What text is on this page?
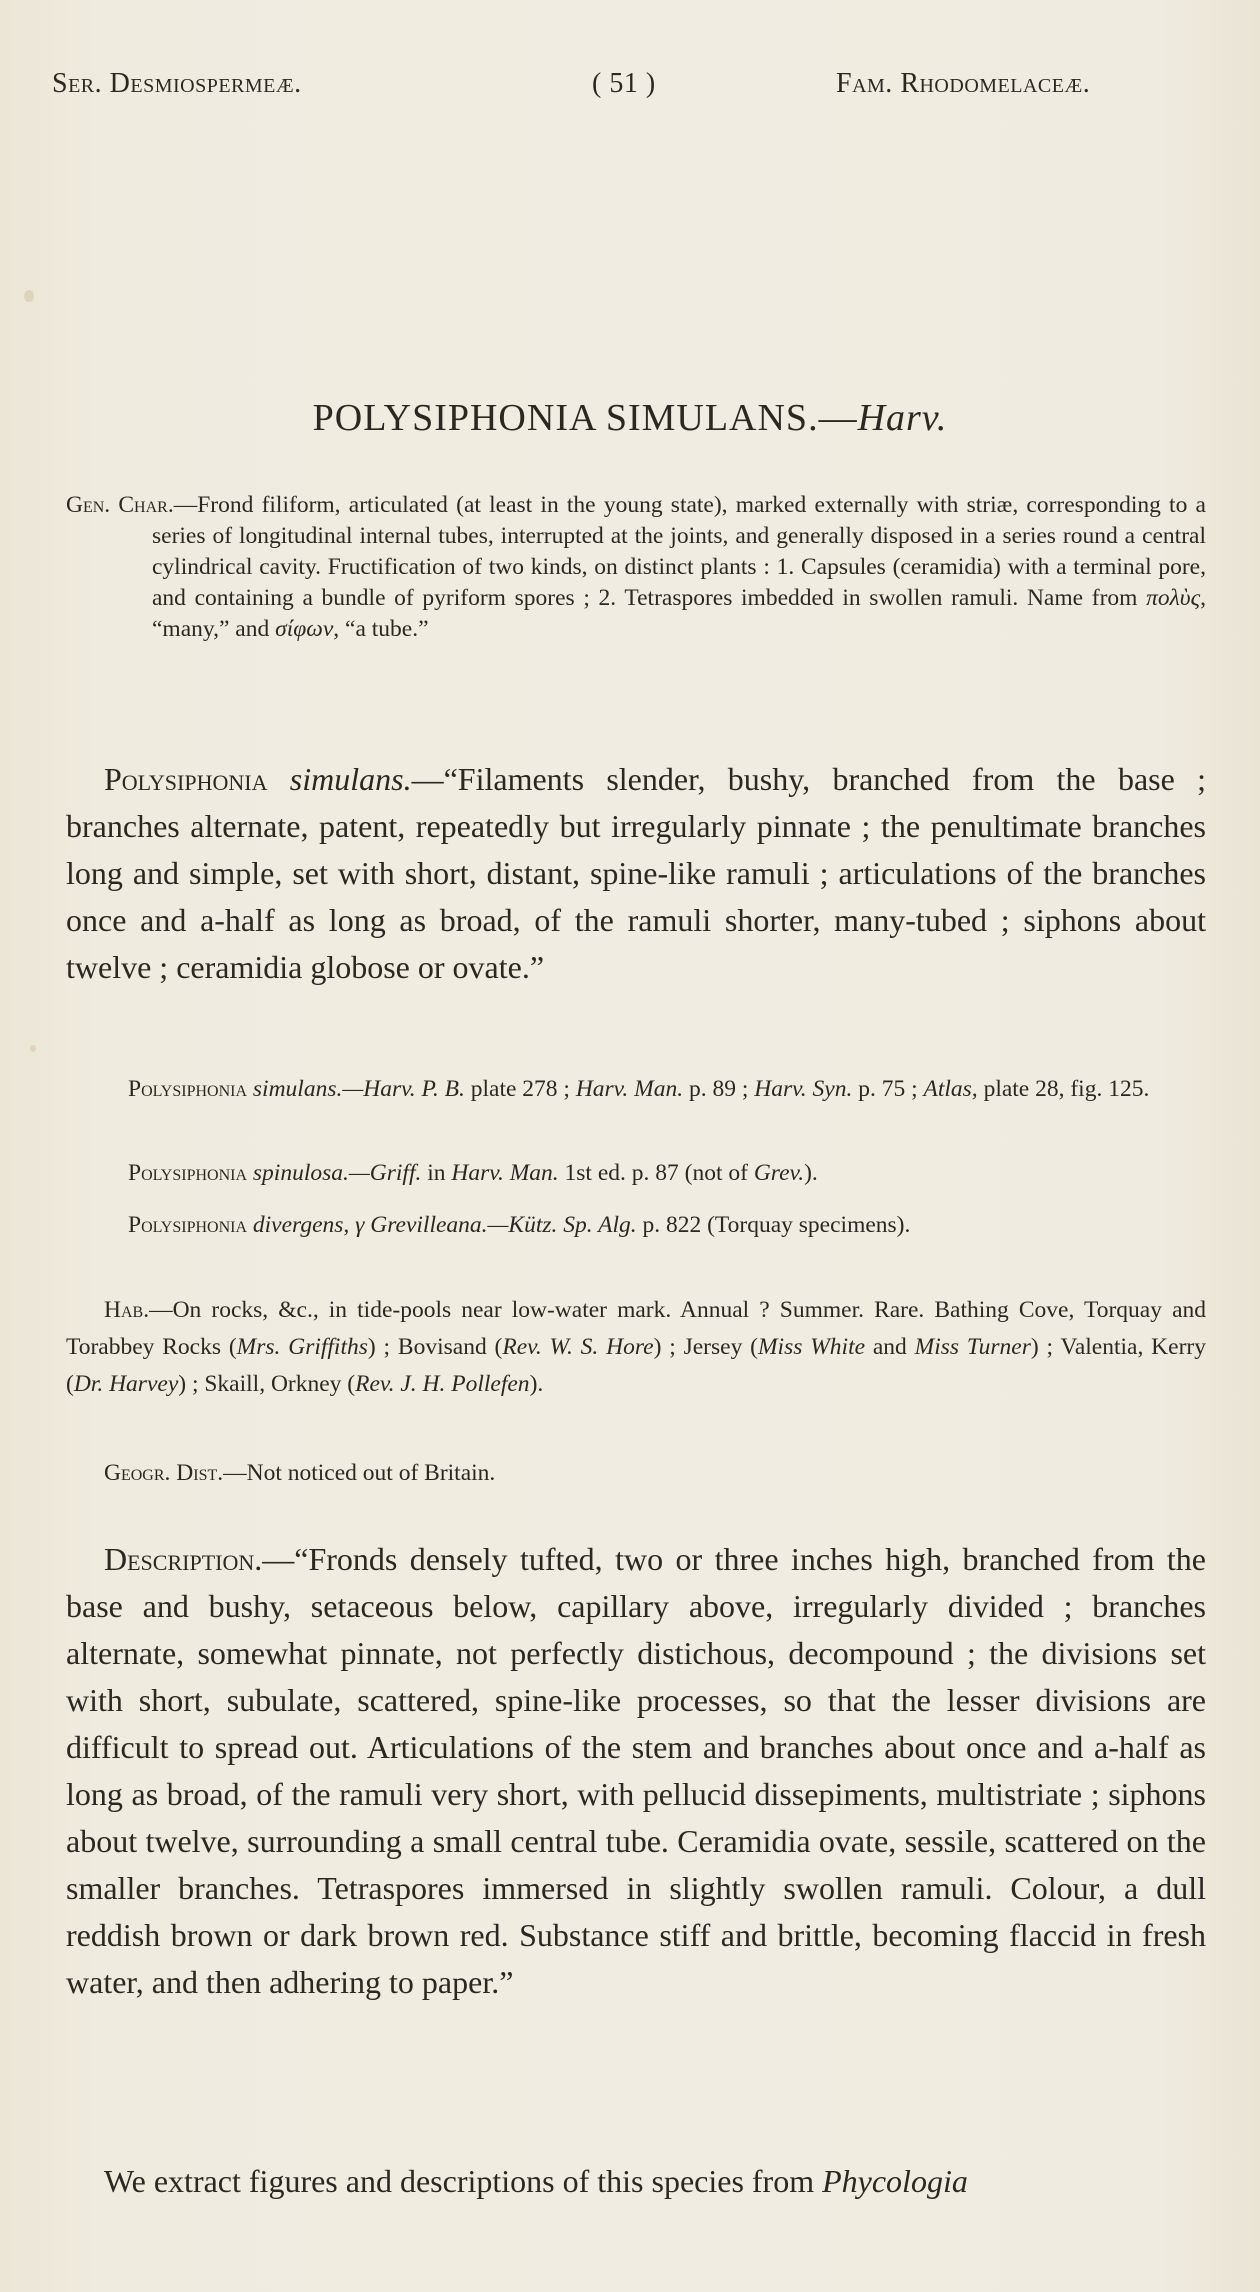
Ser. Desmiospermeæ.	( 51 )	Fam. Rhodomelaceæ.
POLYSIPHONIA SIMULANS.—Harv.
Gen. Char.—Frond filiform, articulated (at least in the young state), marked externally with striæ, corresponding to a series of longitudinal internal tubes, interrupted at the joints, and generally disposed in a series round a central cylindrical cavity. Fructification of two kinds, on distinct plants : 1. Capsules (ceramidia) with a terminal pore, and containing a bundle of pyriform spores ; 2. Tetraspores imbedded in swollen ramuli. Name from πολὺς, “many,” and σίφων, “a tube.”
Polysiphonia simulans.—“Filaments slender, bushy, branched from the base ; branches alternate, patent, repeatedly but irregularly pinnate ; the penultimate branches long and simple, set with short, distant, spine-like ramuli ; articulations of the branches once and a-half as long as broad, of the ramuli shorter, many-tubed ; siphons about twelve ; ceramidia globose or ovate.”
Polysiphonia simulans.—Harv. P. B. plate 278 ; Harv. Man. p. 89 ; Harv. Syn. p. 75 ; Atlas, plate 28, fig. 125.
Polysiphonia spinulosa.—Griff. in Harv. Man. 1st ed. p. 87 (not of Grev.).
Polysiphonia divergens, γ Grevilleana.—Kütz. Sp. Alg. p. 822 (Torquay specimens).
Hab.—On rocks, &c., in tide-pools near low-water mark. Annual ? Summer. Rare. Bathing Cove, Torquay and Torabbey Rocks (Mrs. Griffiths) ; Bovisand (Rev. W. S. Hore) ; Jersey (Miss White and Miss Turner) ; Valentia, Kerry (Dr. Harvey) ; Skaill, Orkney (Rev. J. H. Pollefen).
Geogr. Dist.—Not noticed out of Britain.
Description.—“Fronds densely tufted, two or three inches high, branched from the base and bushy, setaceous below, capillary above, irregularly divided ; branches alternate, somewhat pinnate, not perfectly distichous, decompound ; the divisions set with short, subulate, scattered, spine-like processes, so that the lesser divisions are difficult to spread out. Articulations of the stem and branches about once and a-half as long as broad, of the ramuli very short, with pellucid dissepiments, multistriate ; siphons about twelve, surrounding a small central tube. Ceramidia ovate, sessile, scattered on the smaller branches. Tetraspores immersed in slightly swollen ramuli. Colour, a dull reddish brown or dark brown red. Substance stiff and brittle, becoming flaccid in fresh water, and then adhering to paper.”
We extract figures and descriptions of this species from Phycologia
